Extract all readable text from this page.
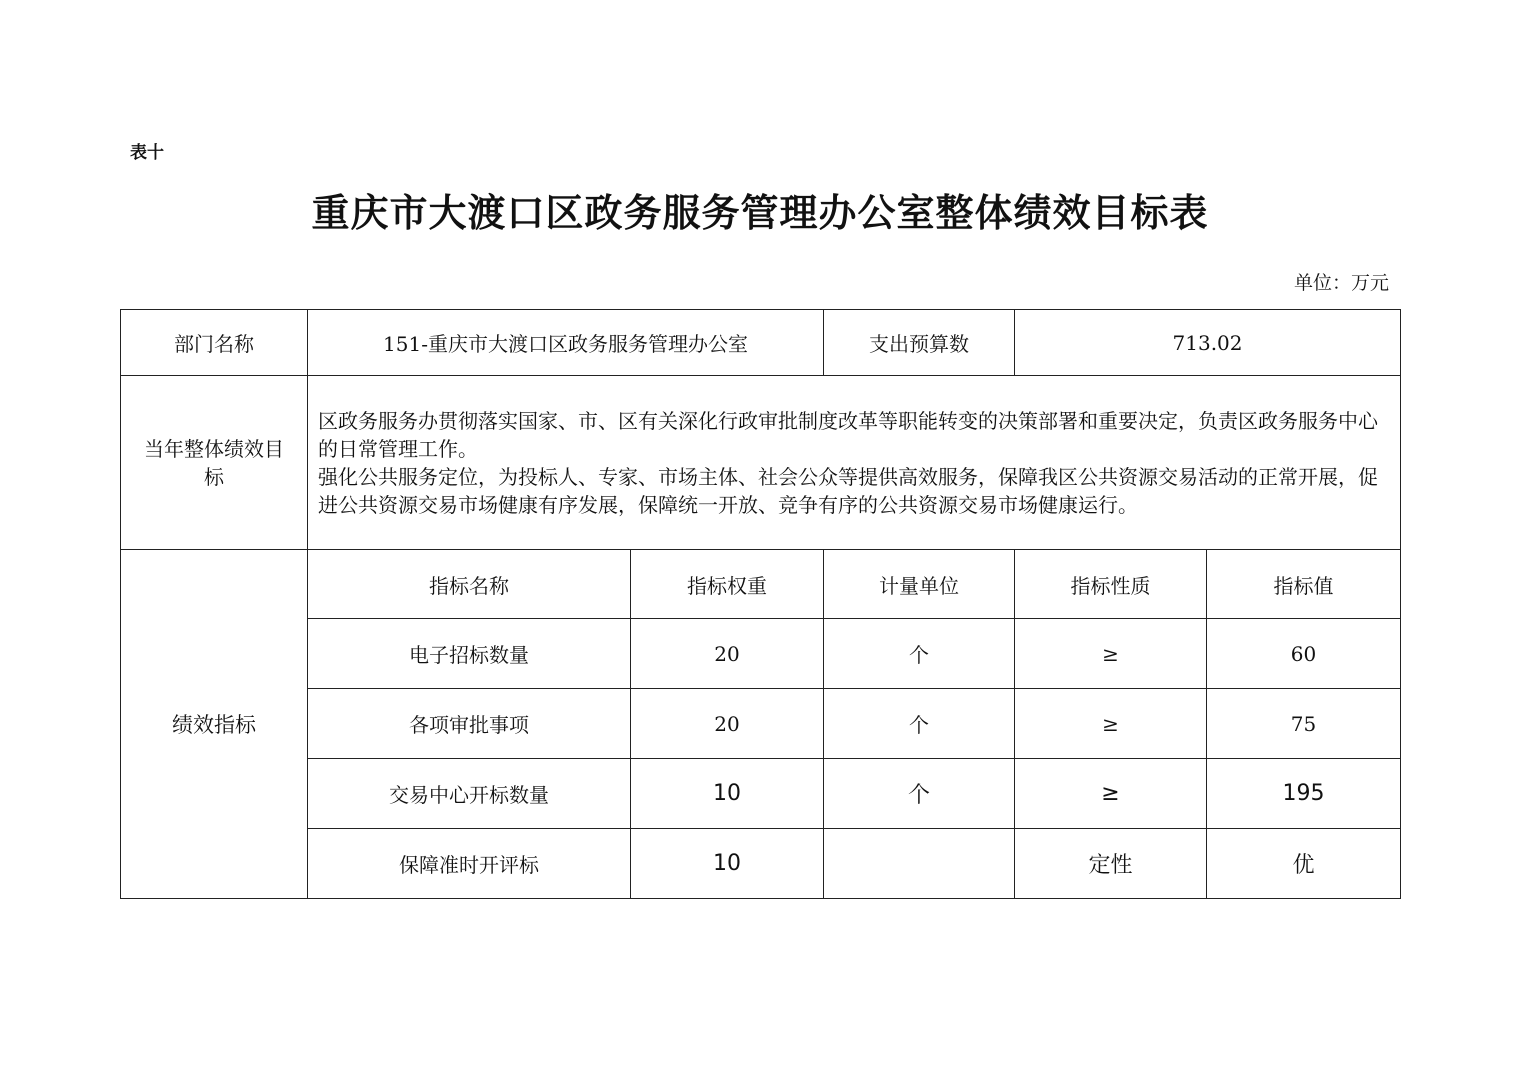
表十
重庆市大渡口区政务服务管理办公室整体绩效目标表
单位：万元
部门名称	151-重庆市大渡口区政务服务管理办公室		支出预算数	713.02	
当年整体绩效目标	区政务服务办贯彻落实国家、市、区有关深化行政审批制度改革等职能转变的决策部署和重要决定，负责区政务服务中心的日常管理工作。

强化公共服务定位，为投标人、专家、市场主体、社会公众等提供高效服务，保障我区公共资源交易活动的正常开展，促进公共资源交易市场健康有序发展，保障统一开放、竞争有序的公共资源交易市场健康运行。				

绩效指标	指标名称	指标权重	计量单位	指标性质	指标值
	电子招标数量	20	个	≥	60
	各项审批事项	20	个	≥	75
	交易中心开标数量	10	个	≥	195
	保障准时开评标	10		定性	优
